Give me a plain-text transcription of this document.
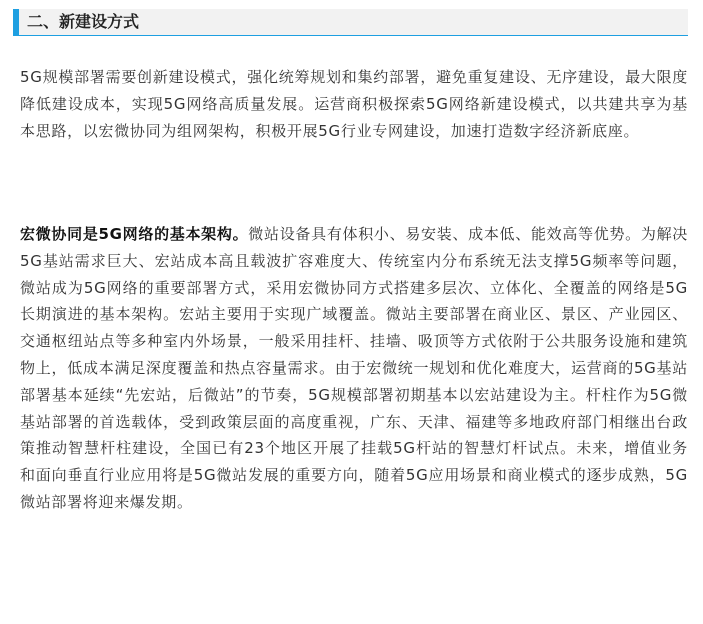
二、新建设方式

5G规模部署需要创新建设模式，强化统筹规划和集约部署，避免重复建设、无序建设，最大限度降低建设成本，实现5G网络高质量发展。运营商积极探索5G网络新建设模式，以共建共享为基本思路，以宏微协同为组网架构，积极开展5G行业专网建设，加速打造数字经济新底座。

宏微协同是5G网络的基本架构。微站设备具有体积小、易安装、成本低、能效高等优势。为解决5G基站需求巨大、宏站成本高且载波扩容难度大、传统室内分布系统无法支撑5G频率等问题，微站成为5G网络的重要部署方式，采用宏微协同方式搭建多层次、立体化、全覆盖的网络是5G长期演进的基本架构。宏站主要用于实现广域覆盖。微站主要部署在商业区、景区、产业园区、交通枢纽站点等多种室内外场景，一般采用挂杆、挂墙、吸顶等方式依附于公共服务设施和建筑物上，低成本满足深度覆盖和热点容量需求。由于宏微统一规划和优化难度大，运营商的5G基站部署基本延续“先宏站，后微站”的节奏，5G规模部署初期基本以宏站建设为主。杆柱作为5G微基站部署的首选载体，受到政策层面的高度重视，广东、天津、福建等多地政府部门相继出台政策推动智慧杆柱建设，全国已有23个地区开展了挂载5G杆站的智慧灯杆试点。未来，增值业务和面向垂直行业应用将是5G微站发展的重要方向，随着5G应用场景和商业模式的逐步成熟，5G微站部署将迎来爆发期。
